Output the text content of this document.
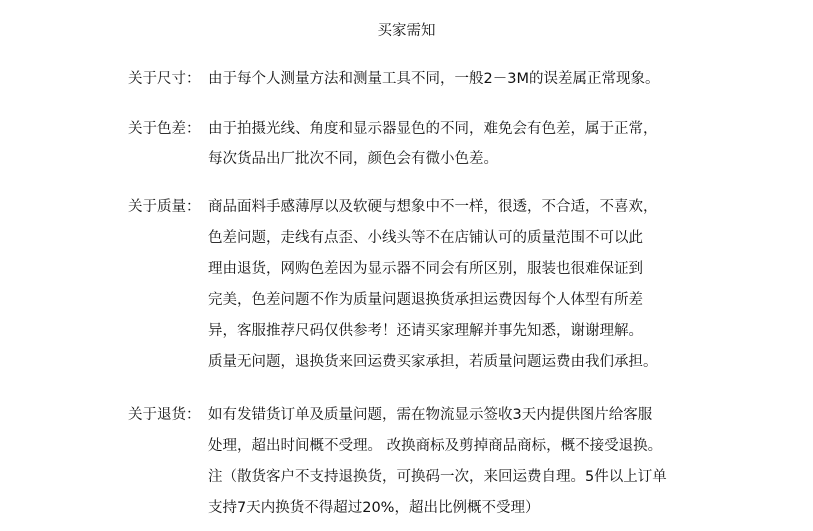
买家需知
关于尺寸： 由于每个人测量方法和测量工具不同，一般2－3M的误差属正常现象。
关于色差： 由于拍摄光线、角度和显示器显色的不同，难免会有色差，属于正常，
每次货品出厂批次不同，颜色会有微小色差。
关于质量： 商品面料手感薄厚以及软硬与想象中不一样，很透，不合适，不喜欢，
色差问题，走线有点歪、小线头等不在店铺认可的质量范围不可以此
理由退货，网购色差因为显示器不同会有所区别，服装也很难保证到
完美，色差问题不作为质量问题退换货承担运费因每个人体型有所差
异，客服推荐尺码仅供参考！还请买家理解并事先知悉，谢谢理解。
质量无问题，退换货来回运费买家承担，若质量问题运费由我们承担。
关于退货： 如有发错货订单及质量问题，需在物流显示签收3天内提供图片给客服
处理，超出时间概不受理。 改换商标及剪掉商品商标，概不接受退换。
注（散货客户不支持退换货，可换码一次，来回运费自理。5件以上订单
支持7天内换货不得超过20%，超出比例概不受理）
